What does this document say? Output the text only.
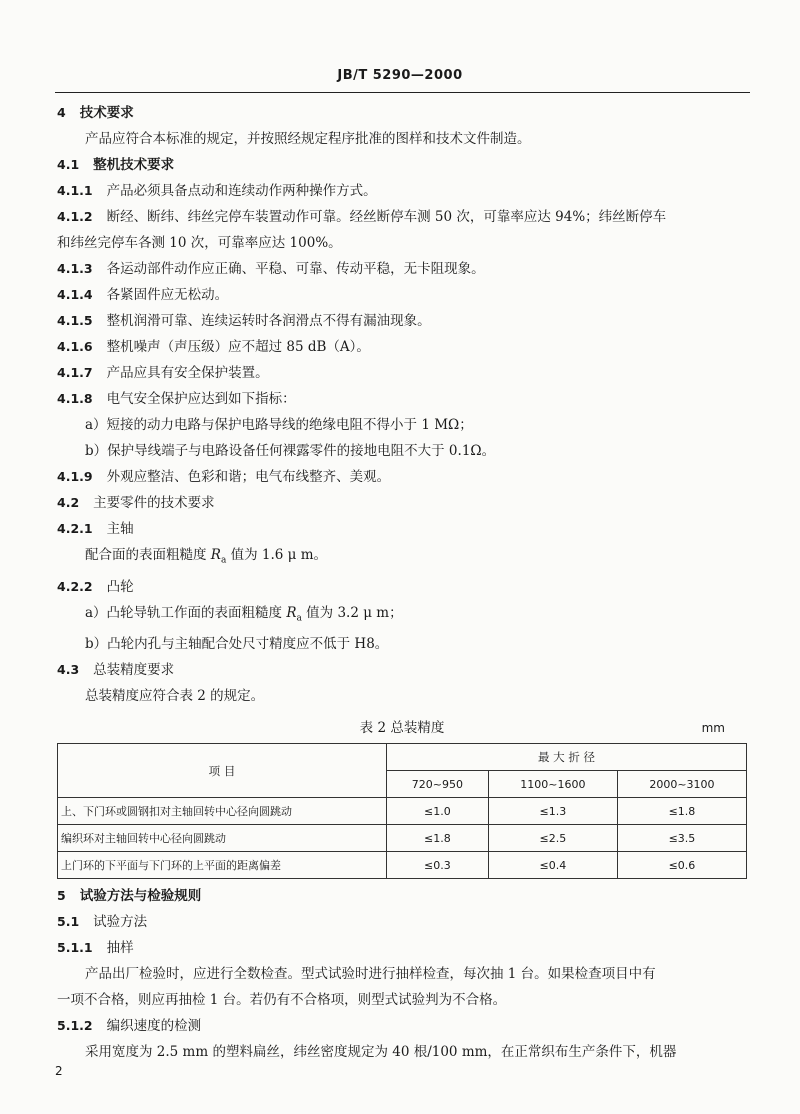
JB/T 5290—2000

4 技术要求

产品应符合本标准的规定，并按照经规定程序批准的图样和技术文件制造。

4.1 整机技术要求

4.1.1 产品必须具备点动和连续动作两种操作方式。

4.1.2 断经、断纬、纬丝完停车装置动作可靠。经丝断停车测 50 次，可靠率应达 94%；纬丝断停车

和纬丝完停车各测 10 次，可靠率应达 100%。

4.1.3 各运动部件动作应正确、平稳、可靠、传动平稳，无卡阻现象。

4.1.4 各紧固件应无松动。

4.1.5 整机润滑可靠、连续运转时各润滑点不得有漏油现象。

4.1.6 整机噪声（声压级）应不超过 85 dB（A）。

4.1.7 产品应具有安全保护装置。

4.1.8 电气安全保护应达到如下指标：

a）短接的动力电路与保护电路导线的绝缘电阻不得小于 1 MΩ；

b）保护导线端子与电路设备任何裸露零件的接地电阻不大于 0.1Ω。

4.1.9 外观应整洁、色彩和谐；电气布线整齐、美观。

4.2 主要零件的技术要求

4.2.1 主轴

配合面的表面粗糙度 $R_a$ 值为 1.6 μ m。

4.2.2 凸轮

a）凸轮导轨工作面的表面粗糙度 $R_a$ 值为 3.2 μ m；

b）凸轮内孔与主轴配合处尺寸精度应不低于 H8。

4.3 总装精度要求

总装精度应符合表 2 的规定。

表 2 总装精度	mm
项 目	最 大 折 径		
	720~950	1100~1600	2000~3100
上、下门环或圆钢扣对主轴回转中心径向圆跳动	≤1.0	≤1.3	≤1.8
编织环对主轴回转中心径向圆跳动	≤1.8	≤2.5	≤3.5
上门环的下平面与下门环的上平面的距离偏差	≤0.3	≤0.4	≤0.6

5 试验方法与检验规则

5.1 试验方法

5.1.1 抽样

产品出厂检验时，应进行全数检查。型式试验时进行抽样检查，每次抽 1 台。如果检查项目中有

一项不合格，则应再抽检 1 台。若仍有不合格项，则型式试验判为不合格。

5.1.2 编织速度的检测

采用宽度为 2.5 mm 的塑料扁丝，纬丝密度规定为 40 根/100 mm，在正常织布生产条件下，机器

2
